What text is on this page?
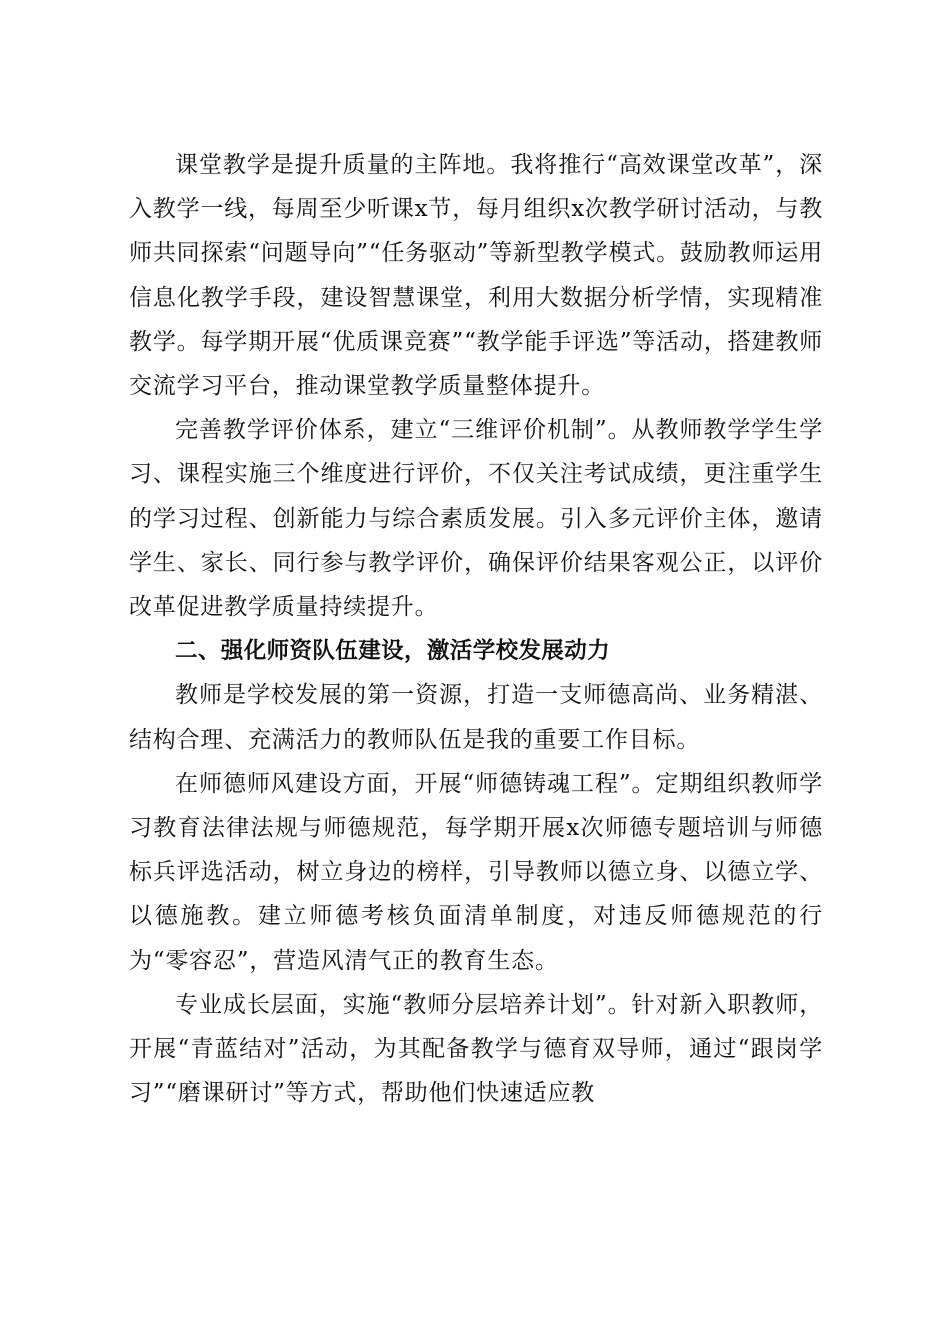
课堂教学是提升质量的主阵地。我将推行“高效课堂改革”，深入教学一线，每周至少听课x节，每月组织x次教学研讨活动，与教师共同探索“问题导向”“任务驱动”等新型教学模式。鼓励教师运用信息化教学手段，建设智慧课堂，利用大数据分析学情，实现精准教学。每学期开展“优质课竞赛”“教学能手评选”等活动，搭建教师交流学习平台，推动课堂教学质量整体提升。

完善教学评价体系，建立“三维评价机制”。从教师教学学生学习、课程实施三个维度进行评价，不仅关注考试成绩，更注重学生的学习过程、创新能力与综合素质发展。引入多元评价主体，邀请学生、家长、同行参与教学评价，确保评价结果客观公正，以评价改革促进教学质量持续提升。

二、强化师资队伍建设，激活学校发展动力

教师是学校发展的第一资源，打造一支师德高尚、业务精湛、结构合理、充满活力的教师队伍是我的重要工作目标。

在师德师风建设方面，开展“师德铸魂工程”。定期组织教师学习教育法律法规与师德规范，每学期开展x次师德专题培训与师德标兵评选活动，树立身边的榜样，引导教师以德立身、以德立学、以德施教。建立师德考核负面清单制度，对违反师德规范的行为“零容忍”，营造风清气正的教育生态。

专业成长层面，实施“教师分层培养计划”。针对新入职教师，开展“青蓝结对”活动，为其配备教学与德育双导师，通过“跟岗学习”“磨课研讨”等方式，帮助他们快速适应教
